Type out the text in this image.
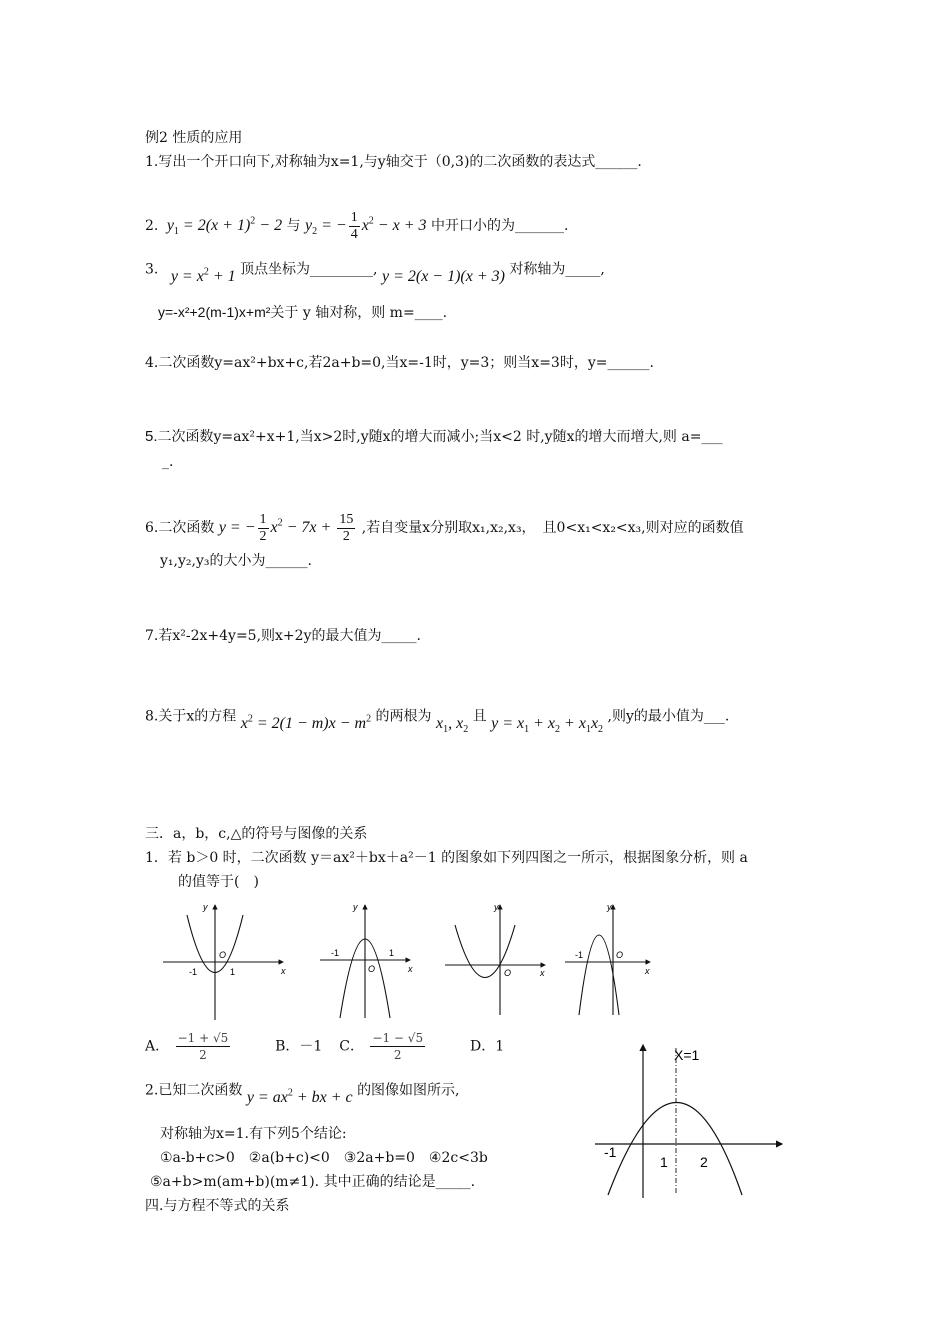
例2 性质的应用
1.写出一个开口向下,对称轴为x=1,与y轴交于（0,3)的二次函数的表达式______.
2.  $y_1 = 2(x + 1)^2 - 2$ 与 $y_2$ = − $\frac{1}{4} x^2 - x + 3$ 中开口小的为_______.
3.   $y = x^2 + 1$ 顶点坐标为_________, y = 2(x − 1)(x + 3) 对称轴为_____,
y=-x²+2(m-1)x+m²关于 y 轴对称，则 m=____.
4.二次函数y=ax²+bx+c,若2a+b=0,当x=-1时，y=3；则当x=3时，y=______.
5.二次函数y=ax²+x+1,当x>2时,y随x的增大而减小;当x<2 时,y随x的增大而增大,则 a=___
_.
6.二次函数 y = − $\frac{1}{2} x^2 - 7x + \frac{15}{2}$ ,若自变量x分别取x₁,x₂,x₃，　且0<x₁<x₂<x₃,则对应的函数值
y₁,y₂,y₃的大小为______.
7.若x²-2x+4y=5,则x+2y的最大值为_____.
8.关于x的方程 $x^2 = 2(1 - m)x - m^2$ 的两根为 $x_1$, $x_2$ 且 $y = x_1 + x_2 + x_1x_2$ ,则y的最小值为___.
三．a，b，c,△的符号与图像的关系
1．若 b＞0 时，二次函数 y＝ax²＋bx＋a²－1 的图象如下列四图之一所示，根据图象分析，则 a
的值等于(　)
y
x
O
-1	1
y
x
O
-1	1
y
x
O
y
x
O
-1
A． $\frac{-1 + √5}{2}$	B．－1 C． $\frac{-1 - √5}{2}$	D．1
2.已知二次函数 $y = ax^2$ + bx + c 的图像如图所示,
对称轴为x=1.有下列5个结论:
①a-b+c>0　②a(b+c)<0　③2a+b=0　④2c<3b
⑤a+b>m(am+b)(m≠1). 其中正确的结论是_____.
四.与方程不等式的关系
X=1
-1
1 2
